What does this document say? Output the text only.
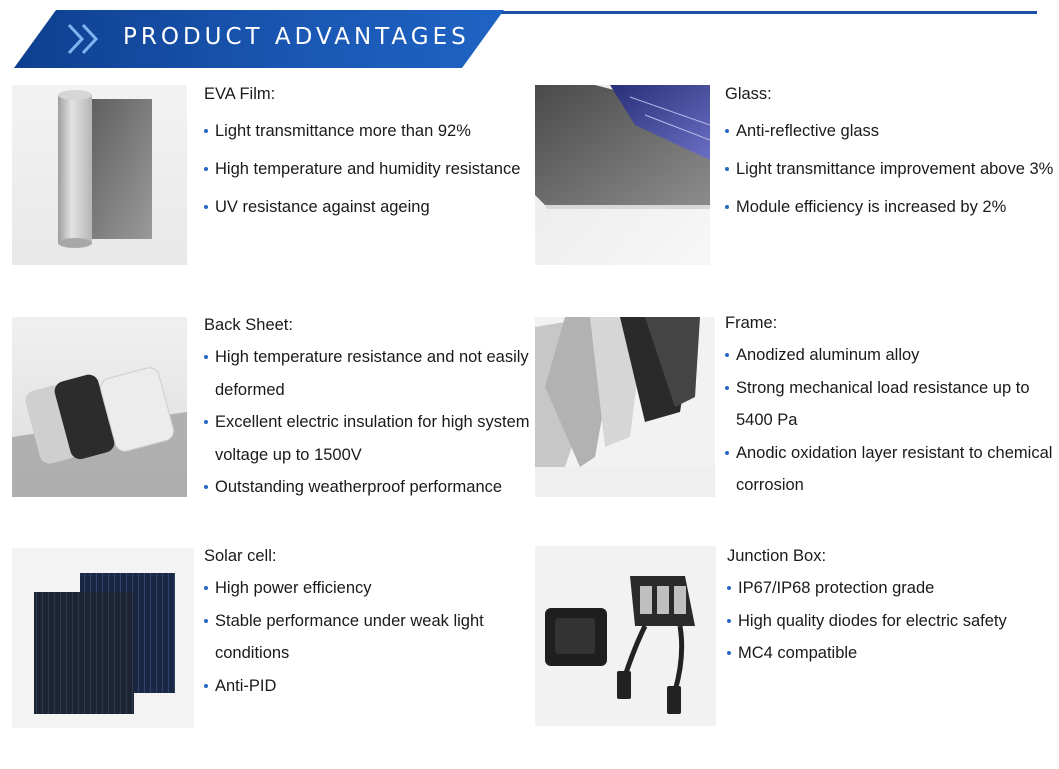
PRODUCT ADVANTAGES
EVA Film:
Light transmittance more than 92%
High temperature and humidity resistance
UV resistance against ageing
Glass:
Anti-reflective glass
Light transmittance improvement above 3%
Module efficiency is increased by 2%
Back Sheet:
High temperature resistance and not easily
deformed
Excellent electric insulation for high system
voltage up to 1500V
Outstanding weatherproof performance
Frame:
Anodized aluminum alloy
Strong mechanical load resistance up to
5400 Pa
Anodic oxidation layer resistant to chemical
corrosion
Solar cell:
High power efficiency
Stable performance under weak light
conditions
Anti-PID
Junction Box:
IP67/IP68 protection grade
High quality diodes for electric safety
MC4 compatible
